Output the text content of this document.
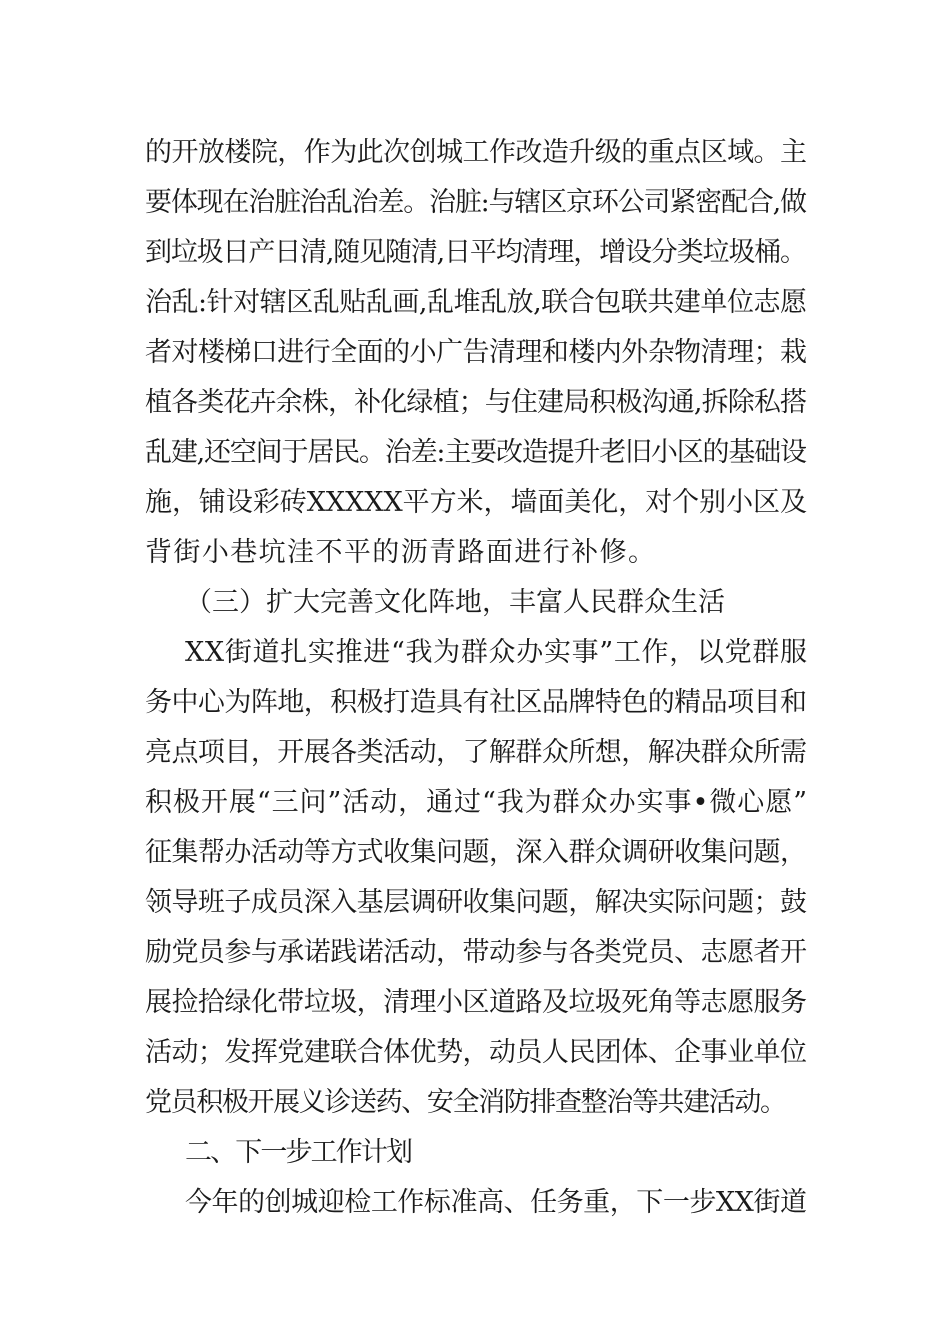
的开放楼院，作为此次创城工作改造升级的重点区域。主
要体现在治脏治乱治差。治脏:与辖区京环公司紧密配合,做
到垃圾日产日清,随见随清,日平均清理，增设分类垃圾桶。
治乱:针对辖区乱贴乱画,乱堆乱放,联合包联共建单位志愿
者对楼梯口进行全面的小广告清理和楼内外杂物清理；栽
植各类花卉余株，补化绿植；与住建局积极沟通,拆除私搭
乱建,还空间于居民。治差:主要改造提升老旧小区的基础设
施，铺设彩砖XXXXX平方米，墙面美化，对个别小区及
背街小巷坑洼不平的沥青路面进行补修。
（三）扩大完善文化阵地，丰富人民群众生活
XX街道扎实推进“我为群众办实事”工作，以党群服
务中心为阵地，积极打造具有社区品牌特色的精品项目和
亮点项目，开展各类活动，了解群众所想，解决群众所需
积极开展“三问”活动，通过“我为群众办实事•微心愿”
征集帮办活动等方式收集问题，深入群众调研收集问题，
领导班子成员深入基层调研收集问题，解决实际问题；鼓
励党员参与承诺践诺活动，带动参与各类党员、志愿者开
展捡拾绿化带垃圾，清理小区道路及垃圾死角等志愿服务
活动；发挥党建联合体优势，动员人民团体、企事业单位
党员积极开展义诊送药、安全消防排查整治等共建活动。
二、下一步工作计划
今年的创城迎检工作标准高、任务重，下一步XX街道
